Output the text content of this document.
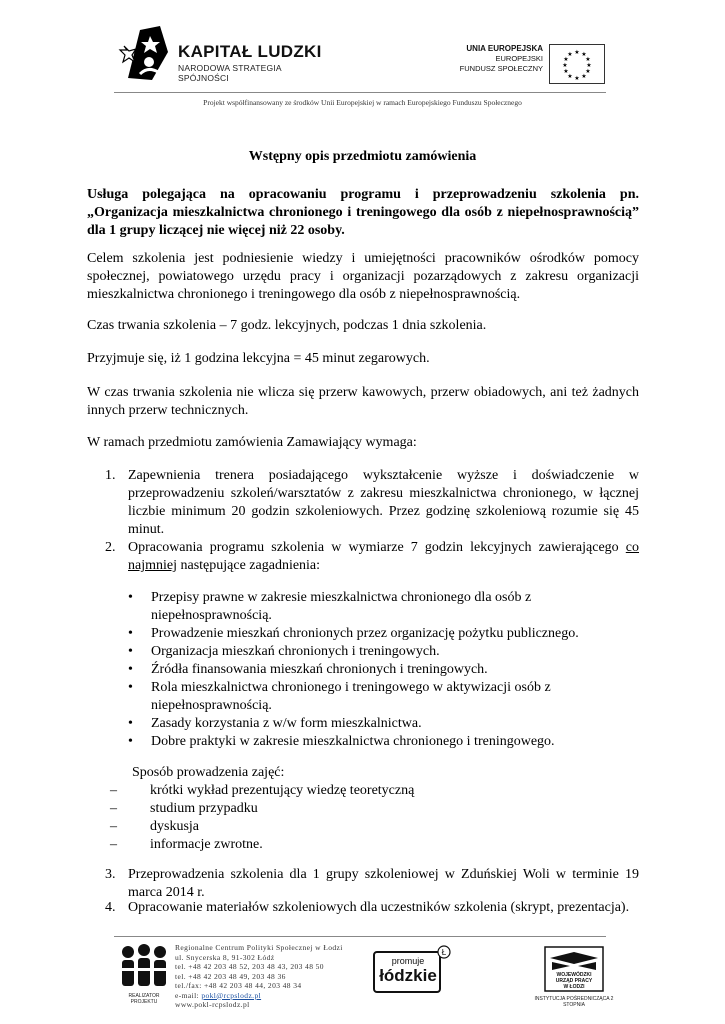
KAPITAŁ LUDZKI
NARODOWA STRATEGIA SPÓJNOŚCI
UNIA EUROPEJSKA
EUROPEJSKI
FUNDUSZ SPOŁECZNY
★ ★
★
★
★
★
★
★
★
★
★
★
Projekt współfinansowany ze środków Unii Europejskiej w ramach Europejskiego Funduszu Społecznego
Wstępny opis przedmiotu zamówienia
Usługa polegająca na opracowaniu programu i przeprowadzeniu szkolenia pn. „Organizacja mieszkalnictwa chronionego i treningowego dla osób z niepełnosprawnością” dla 1 grupy liczącej nie więcej niż 22 osoby.
Celem szkolenia jest podniesienie wiedzy i umiejętności pracowników ośrodków pomocy społecznej, powiatowego urzędu pracy i organizacji pozarządowych z zakresu organizacji mieszkalnictwa chronionego i treningowego dla osób z niepełnosprawnością.
Czas trwania szkolenia – 7 godz. lekcyjnych, podczas 1 dnia szkolenia.
Przyjmuje się, iż 1 godzina lekcyjna = 45 minut zegarowych.
W czas trwania szkolenia nie wlicza się przerw kawowych, przerw obiadowych, ani też żadnych innych przerw technicznych.
W ramach przedmiotu zamówienia Zamawiający wymaga:
1. Zapewnienia trenera posiadającego wykształcenie wyższe i doświadczenie w przeprowadzeniu szkoleń/warsztatów z zakresu mieszkalnictwa chronionego, w łącznej liczbie minimum 20 godzin szkoleniowych. Przez godzinę szkoleniową rozumie się 45 minut.
2. Opracowania programu szkolenia w wymiarze 7 godzin lekcyjnych zawierającego co najmniej następujące zagadnienia:
• Przepisy prawne w zakresie mieszkalnictwa chronionego dla osób z niepełnosprawnością.
• Prowadzenie mieszkań chronionych przez organizację pożytku publicznego.
• Organizacja mieszkań chronionych i treningowych.
• Źródła finansowania mieszkań chronionych i treningowych.
• Rola mieszkalnictwa chronionego i treningowego w aktywizacji osób z niepełnosprawnością.
• Zasady korzystania z w/w form mieszkalnictwa.
• Dobre praktyki w zakresie mieszkalnictwa chronionego i treningowego.
Sposób prowadzenia zajęć:
– krótki wykład prezentujący wiedzę teoretyczną
– studium przypadku
– dyskusja
– informacje zwrotne.
3. Przeprowadzenia szkolenia dla 1 grupy szkoleniowej w Zduńskiej Woli w terminie 19 marca 2014 r.
4. Opracowanie materiałów szkoleniowych dla uczestników szkolenia (skrypt, prezentacja).
REALIZATOR PROJEKTU
Regionalne Centrum Polityki Społecznej w Łodzi
ul. Snycerska 8, 91-302 Łódź
tel. +48 42 203 48 52, 203 48 43, 203 48 50
tel. +48 42 203 48 49, 203 48 36
tel./fax: +48 42 203 48 44, 203 48 34
e-mail: pokl@rcpslodz.pl
www.pokl-rcpslodz.pl
Ł
promuje
łódzkie	WOJEWÓDZKI
URZĄD PRACY
W ŁODZI
INSTYTUCJA POŚREDNICZĄCA 2 STOPNIA
